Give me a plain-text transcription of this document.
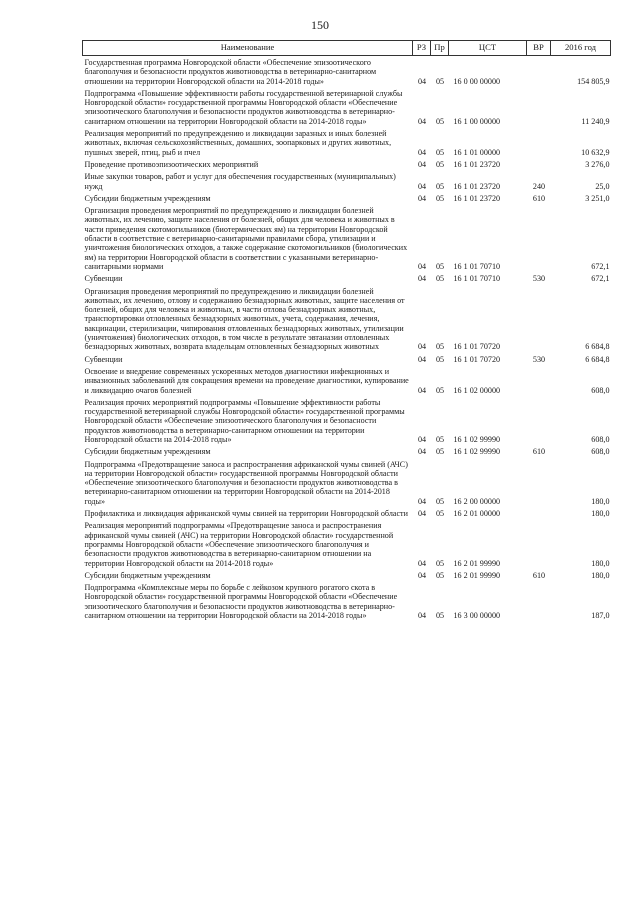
150
Наименование	РЗ	Пр	ЦСТ	ВР	2016 год
Государственная программа Новгородской области «Обеспечение эпизоотического благополучия и безопасности продуктов животноводства в ветеринарно-санитарном отношении на территории Новгородской области на 2014-2018 годы»	04	05	16 0 00 00000		154 805,9
Подпрограмма «Повышение эффективности работы государственной ветеринарной службы Новгородской области» государственной программы Новгородской области «Обеспечение эпизоотического благополучия и безопасности продуктов животноводства в ветеринарно-санитарном отношении на территории Новгородской области на 2014-2018 годы»	04	05	16 1 00 00000		11 240,9
Реализация мероприятий по предупреждению и ликвидации заразных и иных болезней животных, включая сельскохозяйственных, домашних, зоопарковых и других животных, пушных зверей, птиц, рыб и пчел	04	05	16 1 01 00000		10 632,9
Проведение противоэпизоотических мероприятий	04	05	16 1 01 23720		3 276,0
Иные закупки товаров, работ и услуг для обеспечения государственных (муниципальных) нужд	04	05	16 1 01 23720	240	25,0
Субсидии бюджетным учреждениям	04	05	16 1 01 23720	610	3 251,0
Организация проведения мероприятий по предупреждению и ликвидации болезней животных, их лечению, защите населения от болезней, общих для человека и животных в части приведения скотомогильников (биотермических ям) на территории Новгородской области в соответствие с ветеринарно-санитарными правилами сбора, утилизации и уничтожения биологических отходов, а также содержание скотомогильников (биологических ям) на территории Новгородской области в соответствии с указанными ветеринарно-санитарными нормами	04	05	16 1 01 70710		672,1
Субвенции	04	05	16 1 01 70710	530	672,1
Организация проведения мероприятий по предупреждению и ликвидации болезней животных, их лечению, отлову и содержанию безнадзорных животных, защите населения от болезней, общих для человека и животных, в части отлова безнадзорных животных, транспортировки отловленных безнадзорных животных, учета, содержания, лечения, вакцинации, стерилизации, чипирования отловленных безнадзорных животных, утилизации (уничтожения) биологических отходов, в том числе в результате эвтаназии отловленных безнадзорных животных, возврата владельцам отловленных безнадзорных животных	04	05	16 1 01 70720		6 684,8
Субвенции	04	05	16 1 01 70720	530	6 684,8
Освоение и внедрение современных ускоренных методов диагностики инфекционных и инвазионных заболеваний для сокращения времени на проведение диагностики, купирование и ликвидацию очагов болезней	04	05	16 1 02 00000		608,0
Реализация прочих мероприятий подпрограммы «Повышение эффективности работы государственной ветеринарной службы Новгородской области» государственной программы Новгородской области «Обеспечение эпизоотического благополучия и безопасности продуктов животноводства в ветеринарно-санитарном отношении на территории Новгородской области на 2014-2018 годы»	04	05	16 1 02 99990		608,0
Субсидии бюджетным учреждениям	04	05	16 1 02 99990	610	608,0
Подпрограмма «Предотвращение заноса и распространения африканской чумы свиней (АЧС) на территории Новгородской области» государственной программы Новгородской области «Обеспечение эпизоотического благополучия и безопасности продуктов животноводства в ветеринарно-санитарном отношении на территории Новгородской области на 2014-2018 годы»	04	05	16 2 00 00000		180,0
Профилактика и ликвидация африканской чумы свиней на территории Новгородской области	04	05	16 2 01 00000		180,0
Реализация мероприятий подпрограммы «Предотвращение заноса и распространения африканской чумы свиней (АЧС) на территории Новгородской области» государственной программы Новгородской области «Обеспечение эпизоотического благополучия и безопасности продуктов животноводства в ветеринарно-санитарном отношении на территории Новгородской области на 2014-2018 годы»	04	05	16 2 01 99990		180,0
Субсидии бюджетным учреждениям	04	05	16 2 01 99990	610	180,0
Подпрограмма «Комплексные меры по борьбе с лейкозом крупного рогатого скота в Новгородской области» государственной программы Новгородской области «Обеспечение эпизоотического благополучия и безопасности продуктов животноводства в ветеринарно-санитарном отношении на территории Новгородской области на 2014-2018 годы»	04	05	16 3 00 00000		187,0
